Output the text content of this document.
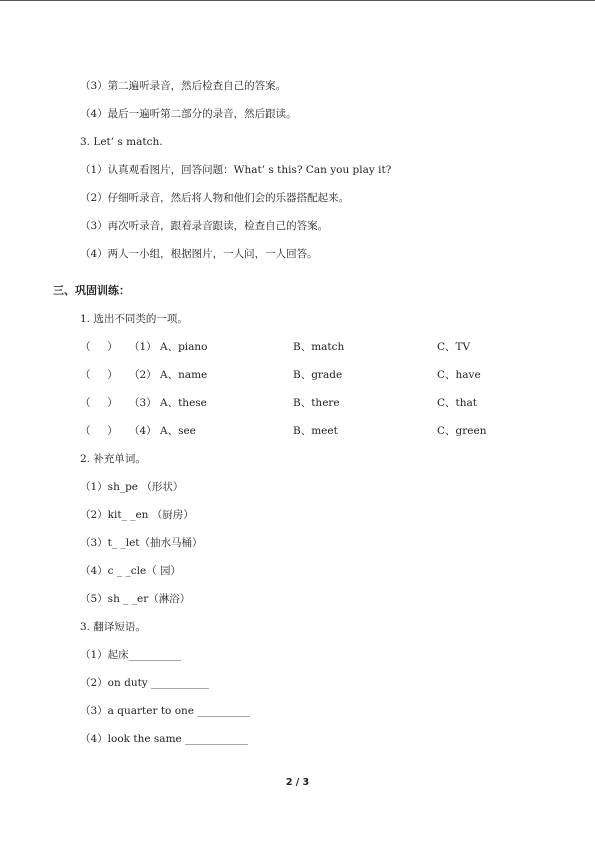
（3）第二遍听录音，然后检查自己的答案。
（4）最后一遍听第二部分的录音，然后跟读。
3. Let’ s match.
（1）认真观看图片，回答问题：What’ s this? Can you play it?
（2）仔细听录音，然后将人物和他们会的乐器搭配起来。
（3）再次听录音，跟着录音跟读，检查自己的答案。
（4）两人一小组，根据图片，一人问，一人回答。
三、巩固训练：
1. 选出不同类的一项。
（     ） （1） A、piano	B、match	C、TV
（     ） （2） A、name	B、grade	C、have
（     ） （3） A、these	B、there	C、that
（     ） （4） A、see	B、meet	C、green
2. 补充单词。
（1）sh_pe （形状）
（2）kit_ _en （厨房）
（3）t_ _let（抽水马桶）
（4）c _ _cle（ 园）
（5）sh _ _er（淋浴）
3. 翻译短语。
（1）起床__________
（2）on duty ___________
（3）a quarter to one __________
（4）look the same ____________
2 / 3
